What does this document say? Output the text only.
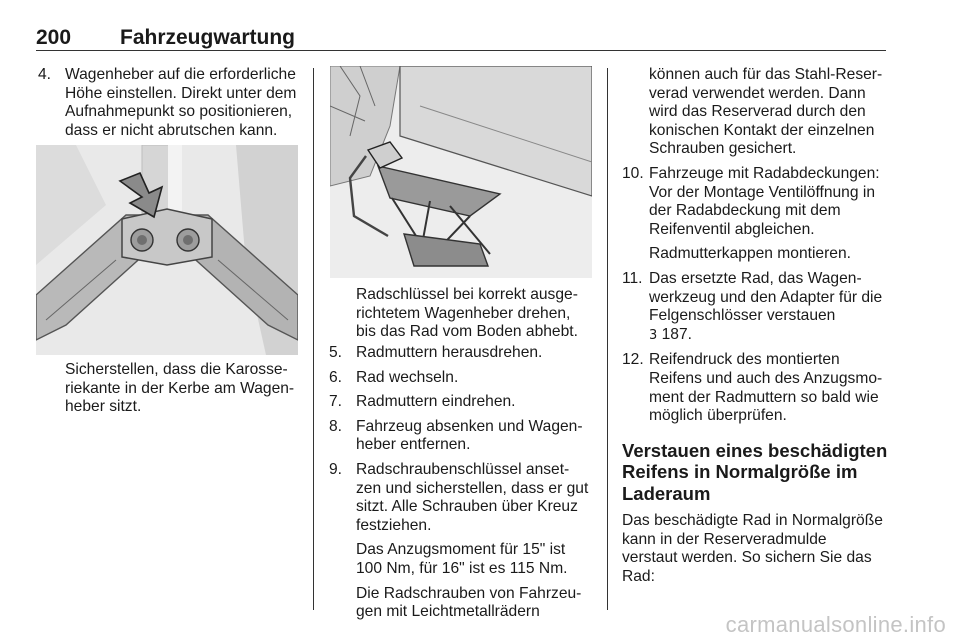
200 Fahrzeugwartung
4. Wagenheber auf die erforderliche
Höhe einstellen. Direkt unter dem
Aufnahmepunkt so positionieren,
dass er nicht abrutschen kann.
Sicherstellen, dass die Karosse-
riekante in der Kerbe am Wagen-
heber sitzt.
Radschlüssel bei korrekt ausge-
richtetem Wagenheber drehen,
bis das Rad vom Boden abhebt.
5. Radmuttern herausdrehen.
6. Rad wechseln.
7. Radmuttern eindrehen.
8. Fahrzeug absenken und Wagen-
heber entfernen.
9. Radschraubenschlüssel anset-
zen und sicherstellen, dass er gut
sitzt. Alle Schrauben über Kreuz
festziehen.
Das Anzugsmoment für 15" ist
100 Nm, für 16" ist es 115 Nm.
Die Radschrauben von Fahrzeu-
gen mit Leichtmetallrädern
können auch für das Stahl-Reser-
verad verwendet werden. Dann
wird das Reserverad durch den
konischen Kontakt der einzelnen
Schrauben gesichert.
10. Fahrzeuge mit Radabdeckungen:
Vor der Montage Ventilöffnung in
der Radabdeckung mit dem
Reifenventil abgleichen.
Radmutterkappen montieren.
11. Das ersetzte Rad, das Wagen-
werkzeug und den Adapter für die
Felgenschlösser verstauen
3 187.
12. Reifendruck des montierten
Reifens und auch des Anzugsmo-
ment der Radmuttern so bald wie
möglich überprüfen.
Verstauen eines beschädigten
Reifens in Normalgröße im
Laderaum
Das beschädigte Rad in Normalgröße
kann in der Reserveradmulde
verstaut werden. So sichern Sie das
Rad:
carmanualsonline.info
